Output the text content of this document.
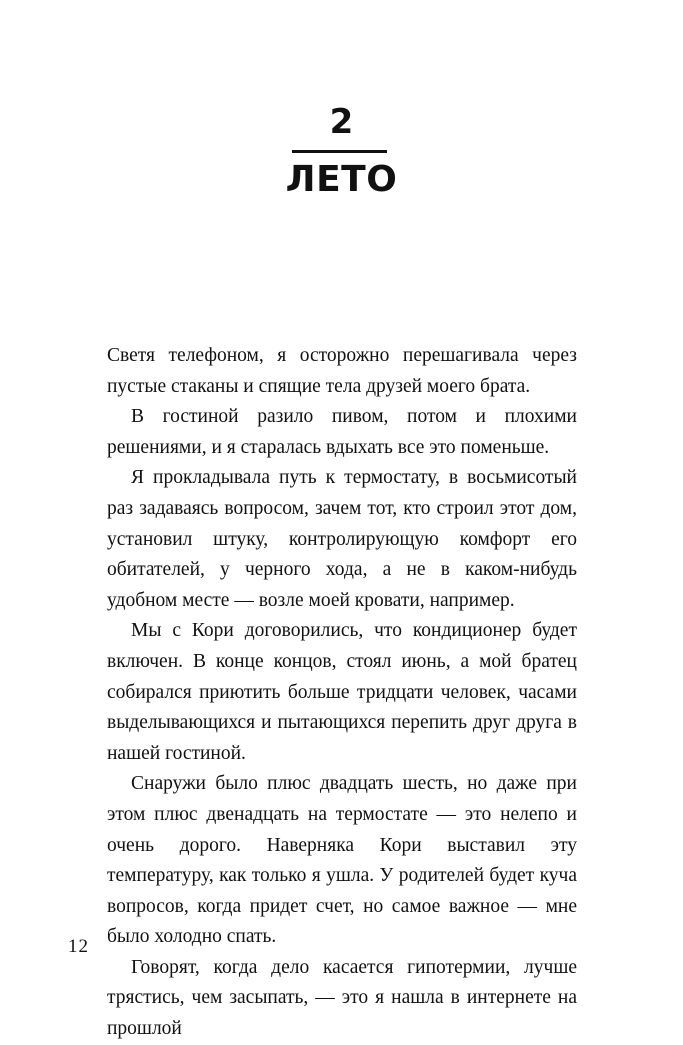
2
ЛЕТО

Светя телефоном, я осторожно перешагивала через пустые стаканы и спящие тела друзей моего брата.

В гостиной разило пивом, потом и плохими решениями, и я старалась вдыхать все это поменьше.

Я прокладывала путь к термостату, в восьмисотый раз задаваясь вопросом, зачем тот, кто строил этот дом, установил штуку, контролирующую комфорт его обитателей, у черного хода, а не в каком-нибудь удобном месте — возле моей кровати, например.

Мы с Кори договорились, что кондиционер будет включен. В конце концов, стоял июнь, а мой братец собирался приютить больше тридцати человек, часами выделывающихся и пытающихся перепить друг друга в нашей гостиной.

Снаружи было плюс двадцать шесть, но даже при этом плюс двенадцать на термостате — это нелепо и очень дорого. Наверняка Кори выставил эту температуру, как только я ушла. У родителей будет куча вопросов, когда придет счет, но самое важное — мне было холодно спать.

Говорят, когда дело касается гипотермии, лучше трястись, чем засыпать, — это я нашла в интернете на прошлой

12
